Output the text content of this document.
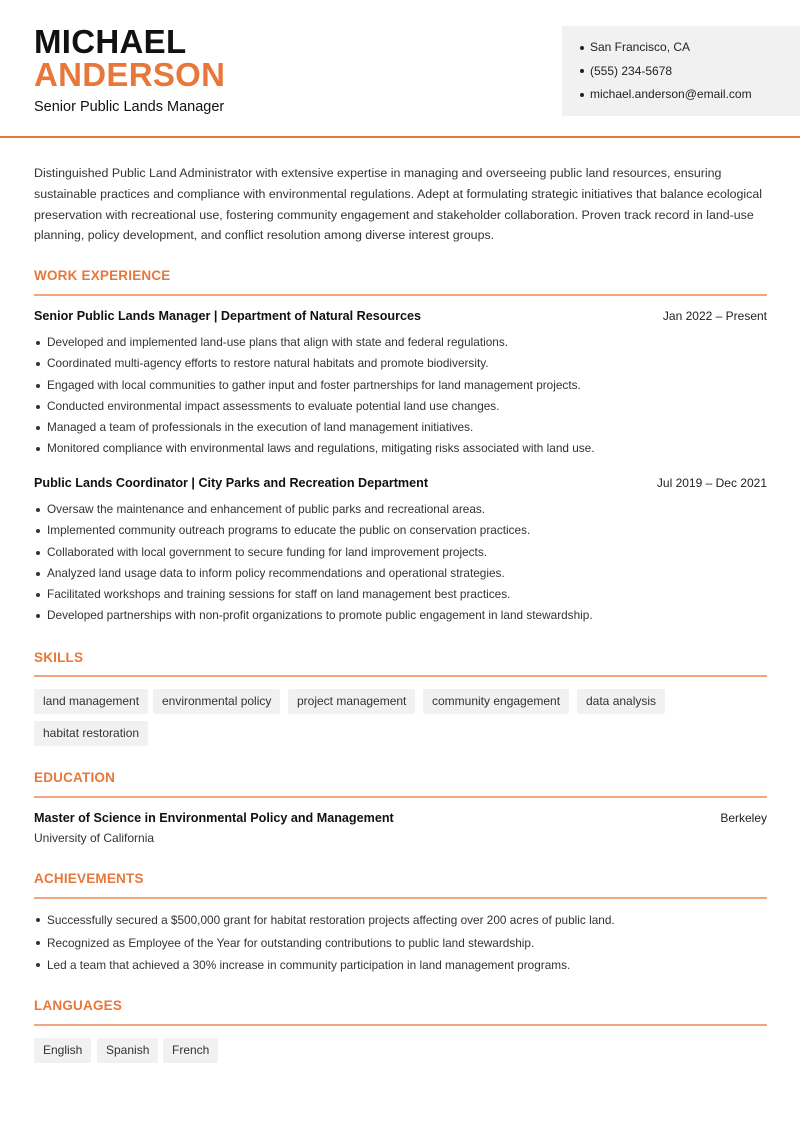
MICHAEL
ANDERSON
Senior Public Lands Manager
San Francisco, CA
(555) 234-5678
michael.anderson@email.com

Distinguished Public Land Administrator with extensive expertise in managing and overseeing public land resources, ensuring sustainable practices and compliance with environmental regulations. Adept at formulating strategic initiatives that balance ecological preservation with recreational use, fostering community engagement and stakeholder collaboration. Proven track record in land-use planning, policy development, and conflict resolution among diverse interest groups.

WORK EXPERIENCE
Senior Public Lands Manager | Department of Natural Resources	Jan 2022 – Present
Developed and implemented land-use plans that align with state and federal regulations.
Coordinated multi-agency efforts to restore natural habitats and promote biodiversity.
Engaged with local communities to gather input and foster partnerships for land management projects.
Conducted environmental impact assessments to evaluate potential land use changes.
Managed a team of professionals in the execution of land management initiatives.
Monitored compliance with environmental laws and regulations, mitigating risks associated with land use.
Public Lands Coordinator | City Parks and Recreation Department	Jul 2019 – Dec 2021
Oversaw the maintenance and enhancement of public parks and recreational areas.
Implemented community outreach programs to educate the public on conservation practices.
Collaborated with local government to secure funding for land improvement projects.
Analyzed land usage data to inform policy recommendations and operational strategies.
Facilitated workshops and training sessions for staff on land management best practices.
Developed partnerships with non-profit organizations to promote public engagement in land stewardship.
SKILLS
land management	environmental policy	project management	community engagement	data analysis
habitat restoration
EDUCATION
Master of Science in Environmental Policy and Management	Berkeley
University of California
ACHIEVEMENTS
Successfully secured a $500,000 grant for habitat restoration projects affecting over 200 acres of public land.
Recognized as Employee of the Year for outstanding contributions to public land stewardship.
Led a team that achieved a 30% increase in community participation in land management programs.
LANGUAGES
English	Spanish	French
